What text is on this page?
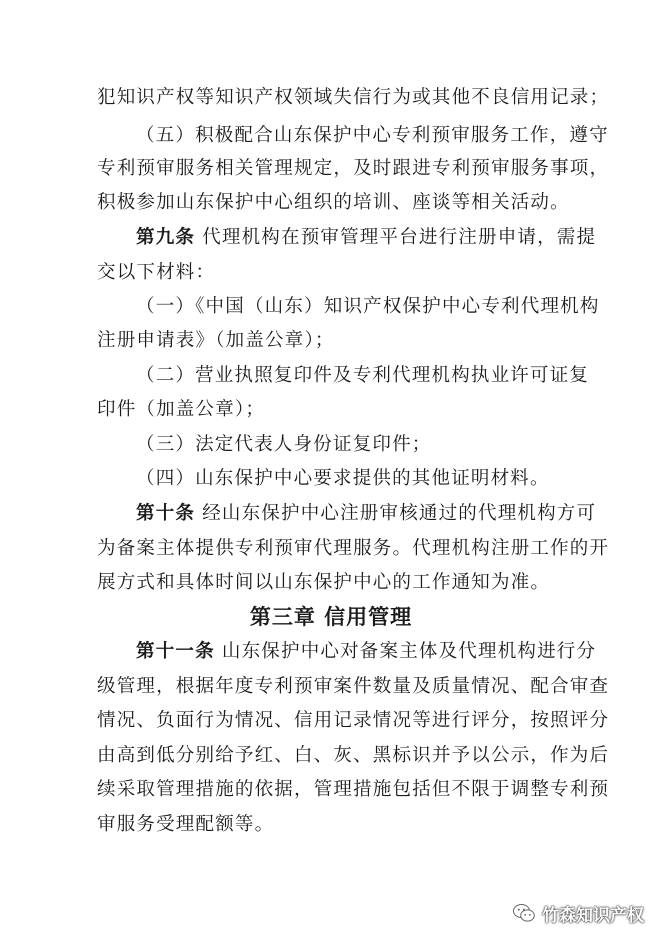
犯知识产权等知识产权领域失信行为或其他不良信用记录；
（五）积极配合山东保护中心专利预审服务工作，遵守
专利预审服务相关管理规定，及时跟进专利预审服务事项，
积极参加山东保护中心组织的培训、座谈等相关活动。
第九条 代理机构在预审管理平台进行注册申请，需提
交以下材料：
（一）《中国（山东）知识产权保护中心专利代理机构
注册申请表》（加盖公章）；
（二）营业执照复印件及专利代理机构执业许可证复
印件（加盖公章）；
（三）法定代表人身份证复印件；
（四）山东保护中心要求提供的其他证明材料。
第十条 经山东保护中心注册审核通过的代理机构方可
为备案主体提供专利预审代理服务。代理机构注册工作的开
展方式和具体时间以山东保护中心的工作通知为准。
第三章 信用管理
第十一条 山东保护中心对备案主体及代理机构进行分
级管理，根据年度专利预审案件数量及质量情况、配合审查
情况、负面行为情况、信用记录情况等进行评分，按照评分
由高到低分别给予红、白、灰、黑标识并予以公示，作为后
续采取管理措施的依据，管理措施包括但不限于调整专利预
审服务受理配额等。
竹森知识产权
